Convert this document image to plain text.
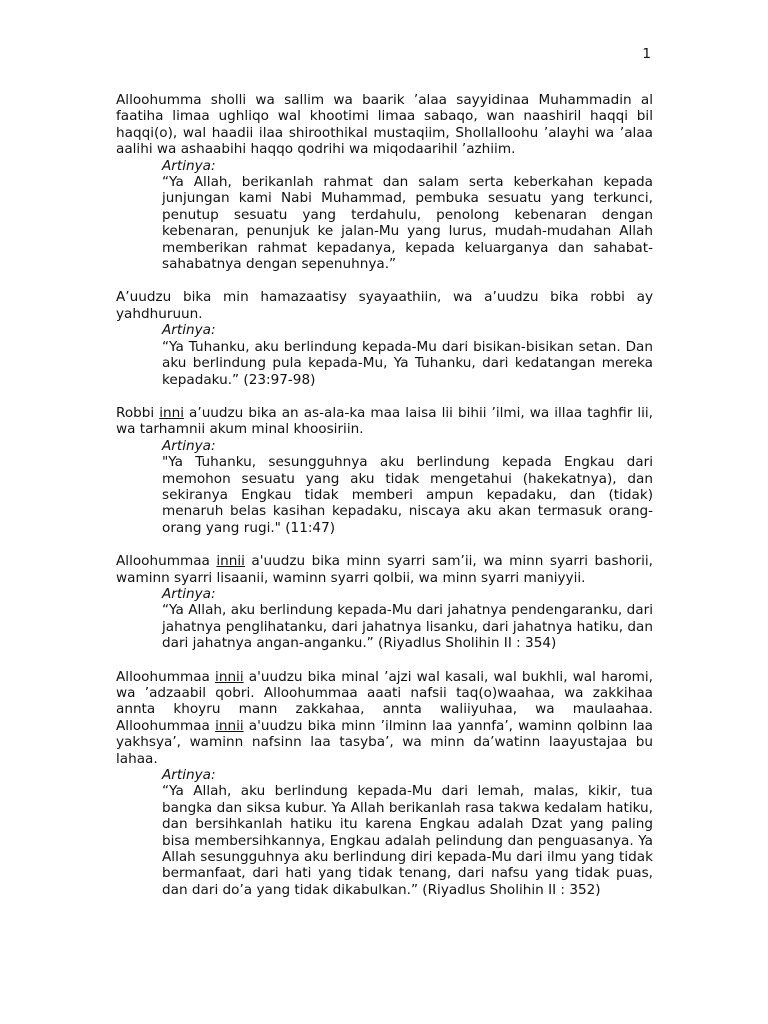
1

Alloohumma sholli wa sallim wa baarik ’alaa sayyidinaa Muhammadin al faatiha limaa ughliqo wal khootimi limaa sabaqo, wan naashiril haqqi bil haqqi(o), wal haadii ilaa shiroothikal mustaqiim, Shollalloohu ’alayhi wa ’alaa aalihi wa ashaabihi haqqo qodrihi wa miqodaarihil ’azhiim.

Artinya:
“Ya Allah, berikanlah rahmat dan salam serta keberkahan kepada junjungan kami Nabi Muhammad, pembuka sesuatu yang terkunci, penutup sesuatu yang terdahulu, penolong kebenaran dengan kebenaran, penunjuk ke jalan-Mu yang lurus, mudah-mudahan Allah memberikan rahmat kepadanya, kepada keluarganya dan sahabat-sahabatnya dengan sepenuhnya.”

A’uudzu bika min hamazaatisy syayaathiin, wa a’uudzu bika robbi ay yahdhuruun.

Artinya:
“Ya Tuhanku, aku berlindung kepada-Mu dari bisikan-bisikan setan. Dan aku berlindung pula kepada-Mu, Ya Tuhanku, dari kedatangan mereka kepadaku.” (23:97-98)

Robbi inni a’uudzu bika an as-ala-ka maa laisa lii bihii ’ilmi, wa illaa taghfir lii, wa tarhamnii akum minal khoosiriin.

Artinya:
"Ya Tuhanku, sesungguhnya aku berlindung kepada Engkau dari memohon sesuatu yang aku tidak mengetahui (hakekatnya), dan sekiranya Engkau tidak memberi ampun kepadaku, dan (tidak) menaruh belas kasihan kepadaku, niscaya aku akan termasuk orang-orang yang rugi." (11:47)

Alloohummaa innii a'uudzu bika minn syarri sam’ii, wa minn syarri bashorii, waminn syarri lisaanii, waminn syarri qolbii, wa minn syarri maniyyii.

Artinya:
“Ya Allah, aku berlindung kepada-Mu dari jahatnya pendengaranku, dari jahatnya penglihatanku, dari jahatnya lisanku, dari jahatnya hatiku, dan dari jahatnya angan-anganku.” (Riyadlus Sholihin II : 354)

Alloohummaa innii a'uudzu bika minal ’ajzi wal kasali, wal bukhli, wal haromi, wa ’adzaabil qobri. Alloohummaa aaati nafsii taq(o)waahaa, wa zakkihaa annta khoyru mann zakkahaa, annta waliiyuhaa, wa maulaahaa. Alloohummaa innii a'uudzu bika minn ’ilminn laa yannfa’, waminn qolbinn laa yakhsya’, waminn nafsinn laa tasyba’, wa minn da’watinn laayustajaa bu lahaa.

Artinya:
“Ya Allah, aku berlindung kepada-Mu dari lemah, malas, kikir, tua bangka dan siksa kubur. Ya Allah berikanlah rasa takwa kedalam hatiku, dan bersihkanlah hatiku itu karena Engkau adalah Dzat yang paling bisa membersihkannya, Engkau adalah pelindung dan penguasanya. Ya Allah sesungguhnya aku berlindung diri kepada-Mu dari ilmu yang tidak bermanfaat, dari hati yang tidak tenang, dari nafsu yang tidak puas, dan dari do’a yang tidak dikabulkan.” (Riyadlus Sholihin II : 352)
